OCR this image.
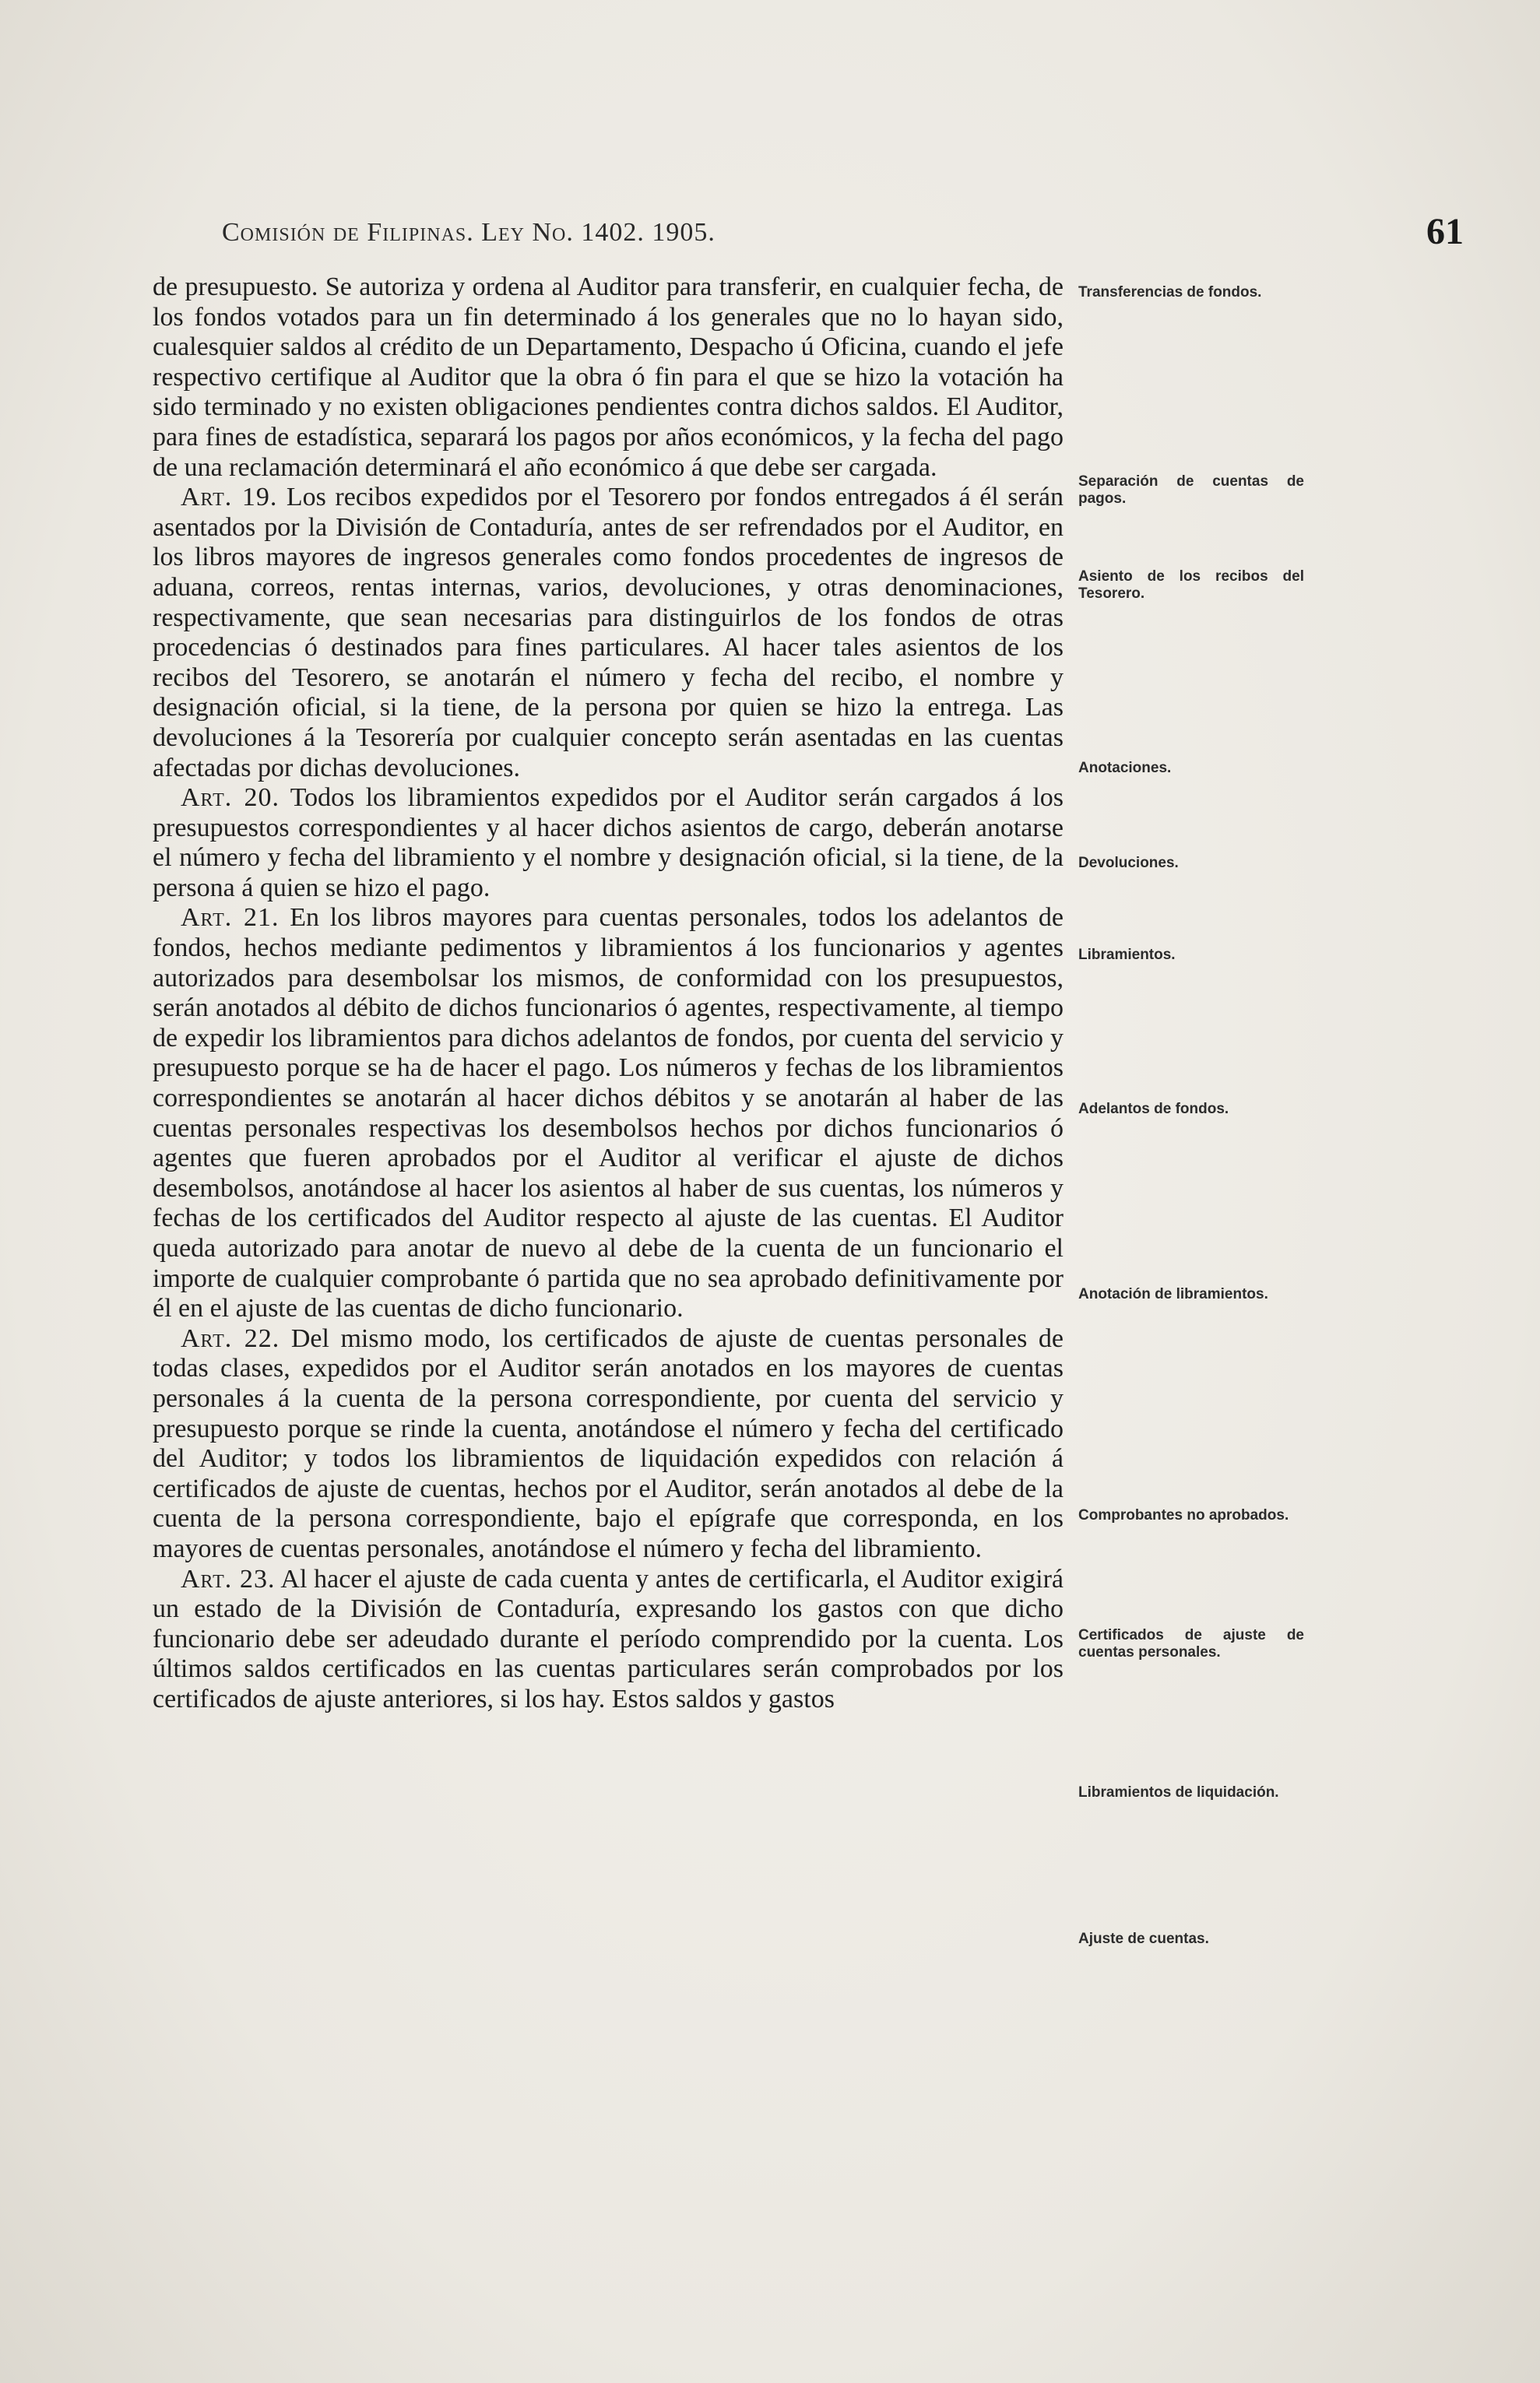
Comisión de Filipinas. Ley No. 1402. 1905.	61

de presupuesto. Se autoriza y ordena al Auditor para transferir, en cualquier fecha, de los fondos votados para un fin determinado á los generales que no lo hayan sido, cualesquier saldos al crédito de un Departamento, Despacho ú Oficina, cuando el jefe respectivo certifique al Auditor que la obra ó fin para el que se hizo la votación ha sido terminado y no existen obligaciones pendientes contra dichos saldos. El Auditor, para fines de estadística, separará los pagos por años económicos, y la fecha del pago de una reclamación determinará el año económico á que debe ser cargada.

Art. 19. Los recibos expedidos por el Tesorero por fondos entregados á él serán asentados por la División de Contaduría, antes de ser refrendados por el Auditor, en los libros mayores de ingresos generales como fondos procedentes de ingresos de aduana, correos, rentas internas, varios, devoluciones, y otras denominaciones, respectivamente, que sean necesarias para distinguirlos de los fondos de otras procedencias ó destinados para fines particulares. Al hacer tales asientos de los recibos del Tesorero, se anotarán el número y fecha del recibo, el nombre y designación oficial, si la tiene, de la persona por quien se hizo la entrega. Las devoluciones á la Tesorería por cualquier concepto serán asentadas en las cuentas afectadas por dichas devoluciones.

Art. 20. Todos los libramientos expedidos por el Auditor serán cargados á los presupuestos correspondientes y al hacer dichos asientos de cargo, deberán anotarse el número y fecha del libramiento y el nombre y designación oficial, si la tiene, de la persona á quien se hizo el pago.

Art. 21. En los libros mayores para cuentas personales, todos los adelantos de fondos, hechos mediante pedimentos y libramientos á los funcionarios y agentes autorizados para desembolsar los mismos, de conformidad con los presupuestos, serán anotados al débito de dichos funcionarios ó agentes, respectivamente, al tiempo de expedir los libramientos para dichos adelantos de fondos, por cuenta del servicio y presupuesto porque se ha de hacer el pago. Los números y fechas de los libramientos correspondientes se anotarán al hacer dichos débitos y se anotarán al haber de las cuentas personales respectivas los desembolsos hechos por dichos funcionarios ó agentes que fueren aprobados por el Auditor al verificar el ajuste de dichos desembolsos, anotándose al hacer los asientos al haber de sus cuentas, los números y fechas de los certificados del Auditor respecto al ajuste de las cuentas. El Auditor queda autorizado para anotar de nuevo al debe de la cuenta de un funcionario el importe de cualquier comprobante ó partida que no sea aprobado definitivamente por él en el ajuste de las cuentas de dicho funcionario.

Art. 22. Del mismo modo, los certificados de ajuste de cuentas personales de todas clases, expedidos por el Auditor serán anotados en los mayores de cuentas personales á la cuenta de la persona correspondiente, por cuenta del servicio y presupuesto porque se rinde la cuenta, anotándose el número y fecha del certificado del Auditor; y todos los libramientos de liquidación expedidos con relación á certificados de ajuste de cuentas, hechos por el Auditor, serán anotados al debe de la cuenta de la persona correspondiente, bajo el epígrafe que corresponda, en los mayores de cuentas personales, anotándose el número y fecha del libramiento.

Art. 23. Al hacer el ajuste de cada cuenta y antes de certificarla, el Auditor exigirá un estado de la División de Contaduría, expresando los gastos con que dicho funcionario debe ser adeudado durante el período comprendido por la cuenta. Los últimos saldos certificados en las cuentas particulares serán comprobados por los certificados de ajuste anteriores, si los hay. Estos saldos y gastos

Transferencias de fondos.
Separación de cuentas de pagos.
Asiento de los recibos del Tesorero.
Anotaciones.
Devoluciones.
Libramientos.
Adelantos de fondos.
Anotación de libramientos.
Comprobantes no aprobados.
Certificados de ajuste de cuentas personales.
Libramientos de liquidación.
Ajuste de cuentas.
